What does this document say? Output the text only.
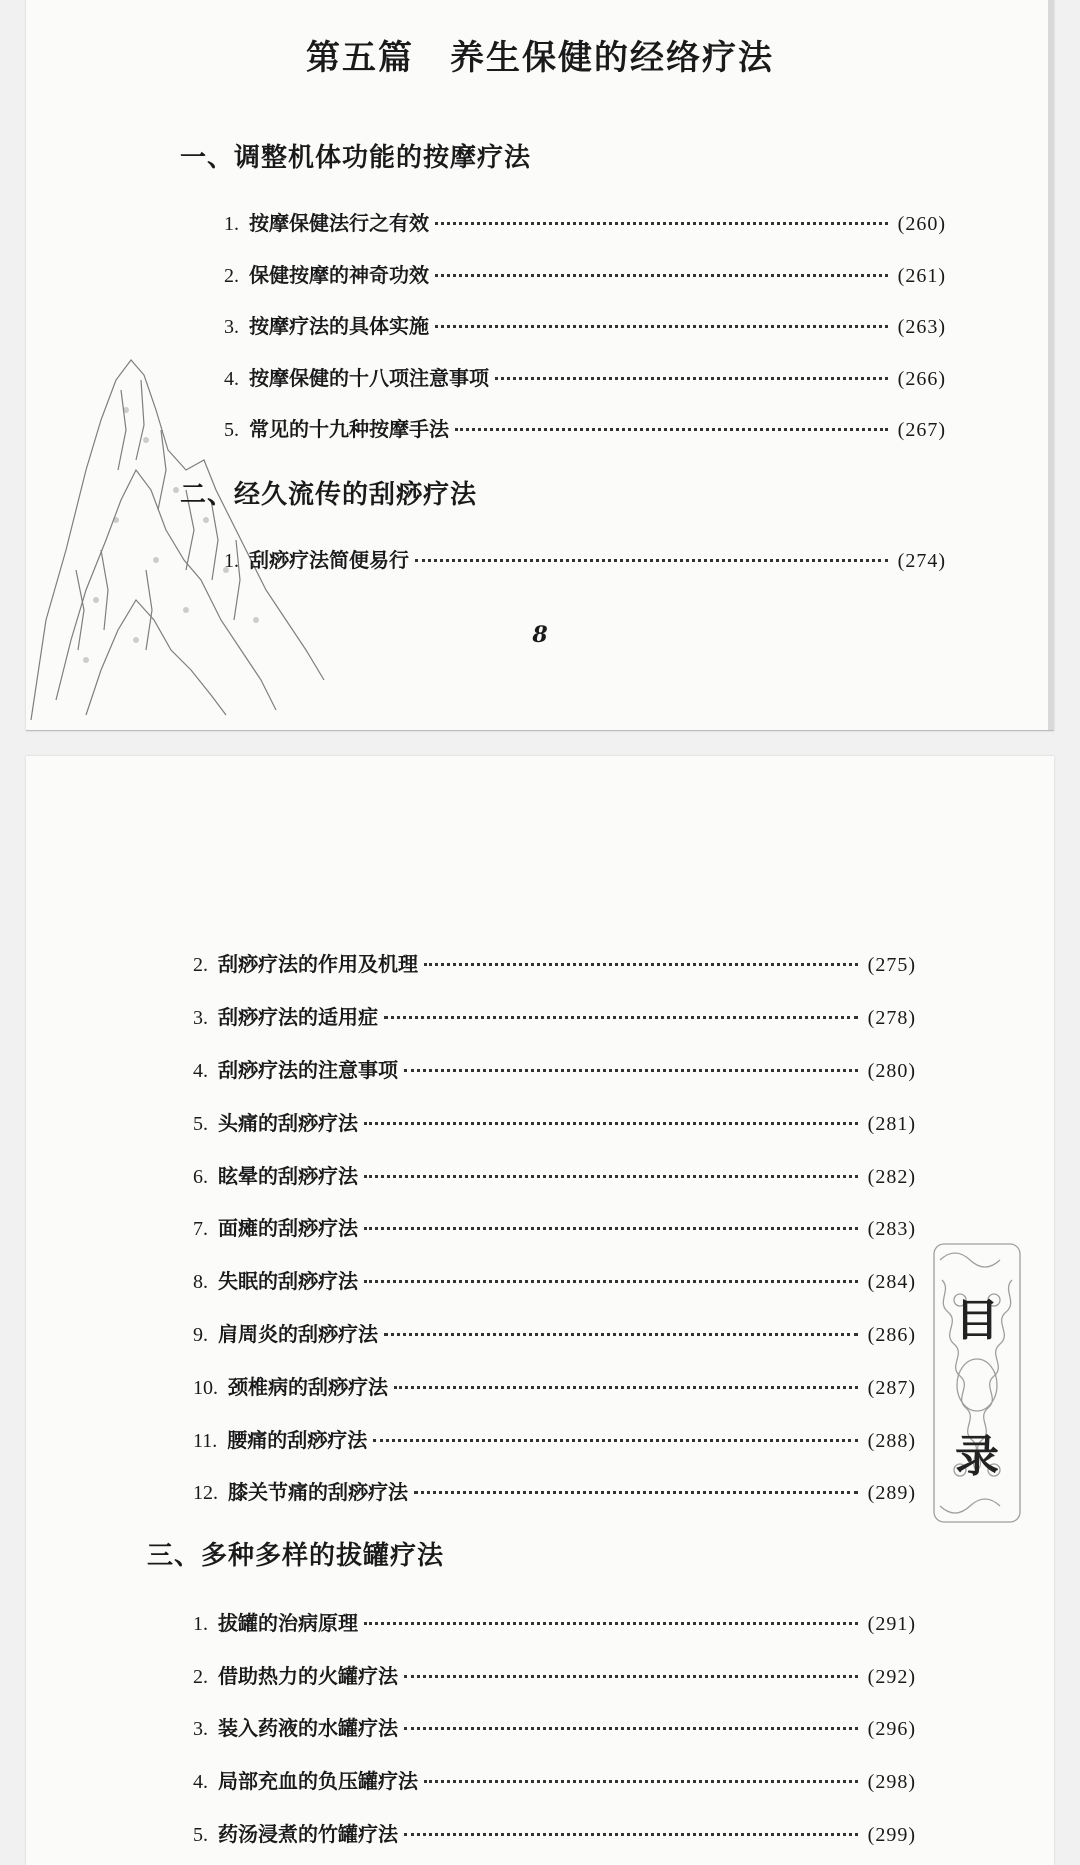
第五篇　养生保健的经络疗法
一、调整机体功能的按摩疗法
1. 按摩保健法行之有效	(260)
2. 保健按摩的神奇功效	(261)
3. 按摩疗法的具体实施	(263)
4. 按摩保健的十八项注意事项	(266)
5. 常见的十九种按摩手法	(267)
二、经久流传的刮痧疗法
1. 刮痧疗法简便易行	(274)
8
2. 刮痧疗法的作用及机理	(275)
3. 刮痧疗法的适用症	(278)
4. 刮痧疗法的注意事项	(280)
5. 头痛的刮痧疗法	(281)
6. 眩晕的刮痧疗法	(282)
7. 面瘫的刮痧疗法	(283)
8. 失眠的刮痧疗法	(284)
9. 肩周炎的刮痧疗法	(286)
10. 颈椎病的刮痧疗法	(287)
11. 腰痛的刮痧疗法	(288)
12. 膝关节痛的刮痧疗法	(289)
三、多种多样的拔罐疗法
1. 拔罐的治病原理	(291)
2. 借助热力的火罐疗法	(292)
3. 装入药液的水罐疗法	(296)
4. 局部充血的负压罐疗法	(298)
5. 药汤浸煮的竹罐疗法	(299)
目
录
